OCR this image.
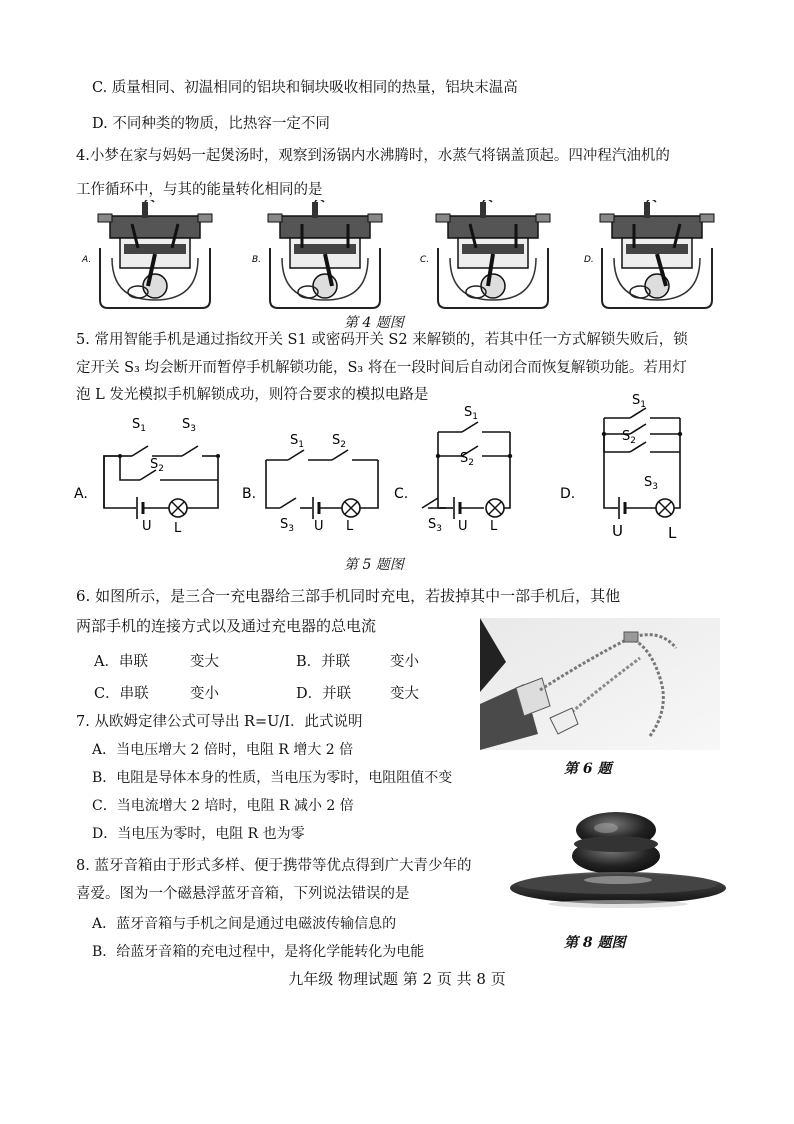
C. 质量相同、初温相同的铝块和铜块吸收相同的热量，铝块末温高
D. 不同种类的物质，比热容一定不同
4.小梦在家与妈妈一起煲汤时，观察到汤锅内水沸腾时，水蒸气将锅盖顶起。四冲程汽油机的
工作循环中，与其的能量转化相同的是
A.	B.	C.	D.
第 4 题图
5. 常用智能手机是通过指纹开关 S1 或密码开关 S2 来解锁的，若其中任一方式解锁失败后，锁
定开关 S₃ 均会断开而暂停手机解锁功能，S₃ 将在一段时间后自动闭合而恢复解锁功能。若用灯
泡 L 发光模拟手机解锁成功，则符合要求的模拟电路是
A.	B.	C.	D.
$S_1$	$S_3$
$S_2$
U L
$S_1$ $S_2$
$S_3$ U L
$S_1$
$S_2$
$S_3$ U L
$S_1$
$S_2$
$S_3$
U	L
第 5 题图
6. 如图所示，是三合一充电器给三部手机同时充电，若拔掉其中一部手机后，其他
两部手机的连接方式以及通过充电器的总电流
A．串联	变大	B．并联	变小
C．串联	变小	D．并联	变大
第 6 题
7. 从欧姆定律公式可导出 R=U/I．此式说明
A．当电压增大 2 倍时，电阻 R 增大 2 倍
B．电阻是导体本身的性质，当电压为零时，电阻阻值不变
C．当电流增大 2 培时，电阻 R 减小 2 倍
D．当电压为零时，电阻 R 也为零
8. 蓝牙音箱由于形式多样、便于携带等优点得到广大青少年的
喜爱。图为一个磁悬浮蓝牙音箱，下列说法错误的是
A．蓝牙音箱与手机之间是通过电磁波传输信息的
B．给蓝牙音箱的充电过程中，是将化学能转化为电能
第 8 题图
九年级 物理试题 第 2 页 共 8 页
